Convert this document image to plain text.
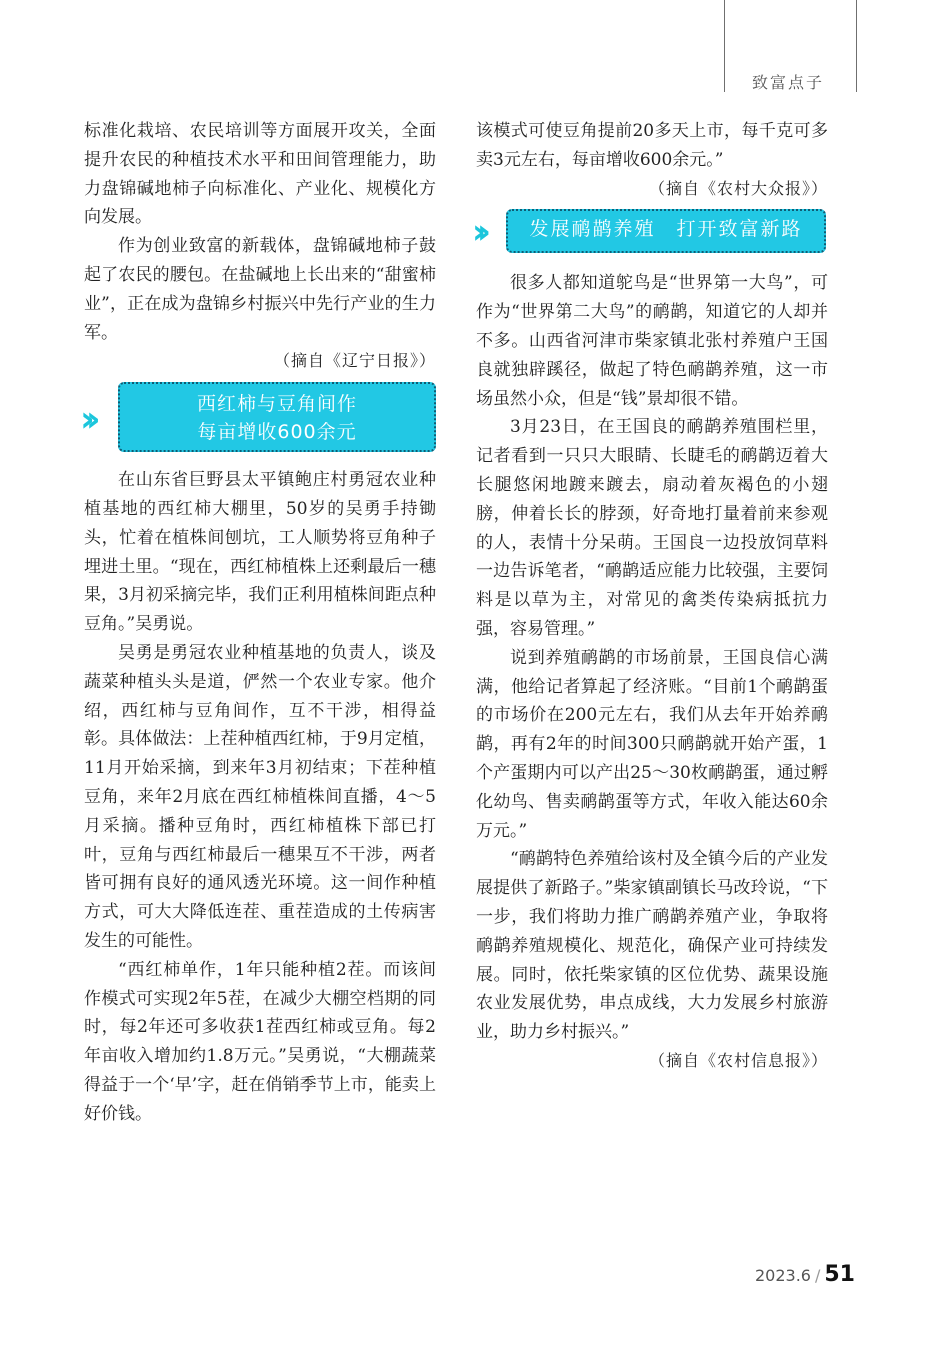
致富点子

标准化栽培、农民培训等方面展开攻关，全面提升农民的种植技术水平和田间管理能力，助力盘锦碱地柿子向标准化、产业化、规模化方向发展。

作为创业致富的新载体，盘锦碱地柿子鼓起了农民的腰包。在盐碱地上长出来的“甜蜜柿业”，正在成为盘锦乡村振兴中先行产业的生力军。

（摘自《辽宁日报》）

››	西红柿与豆角间作
每亩增收600余元

在山东省巨野县太平镇鲍庄村勇冠农业种植基地的西红柿大棚里，50岁的吴勇手持锄头，忙着在植株间刨坑，工人顺势将豆角种子埋进土里。“现在，西红柿植株上还剩最后一穗果，3月初采摘完毕，我们正利用植株间距点种豆角。”吴勇说。

吴勇是勇冠农业种植基地的负责人，谈及蔬菜种植头头是道，俨然一个农业专家。他介绍，西红柿与豆角间作，互不干涉，相得益彰。具体做法：上茬种植西红柿，于9月定植，11月开始采摘，到来年3月初结束；下茬种植豆角，来年2月底在西红柿植株间直播，4～5月采摘。播种豆角时，西红柿植株下部已打叶，豆角与西红柿最后一穗果互不干涉，两者皆可拥有良好的通风透光环境。这一间作种植方式，可大大降低连茬、重茬造成的土传病害发生的可能性。

“西红柿单作，1年只能种植2茬。而该间作模式可实现2年5茬，在减少大棚空档期的同时，每2年还可多收获1茬西红柿或豆角。每2年亩收入增加约1.8万元。”吴勇说，“大棚蔬菜得益于一个‘早’字，赶在俏销季节上市，能卖上好价钱。

该模式可使豆角提前20多天上市，每千克可多卖3元左右，每亩增收600余元。”

（摘自《农村大众报》）

››	发展鸸鹋养殖　打开致富新路

很多人都知道鸵鸟是“世界第一大鸟”，可作为“世界第二大鸟”的鸸鹋，知道它的人却并不多。山西省河津市柴家镇北张村养殖户王国良就独辟蹊径，做起了特色鸸鹋养殖，这一市场虽然小众，但是“钱”景却很不错。

3月23日，在王国良的鸸鹋养殖围栏里，记者看到一只只大眼睛、长睫毛的鸸鹋迈着大长腿悠闲地踱来踱去，扇动着灰褐色的小翅膀，伸着长长的脖颈，好奇地打量着前来参观的人，表情十分呆萌。王国良一边投放饲草料一边告诉笔者，“鸸鹋适应能力比较强，主要饲料是以草为主，对常见的禽类传染病抵抗力强，容易管理。”

说到养殖鸸鹋的市场前景，王国良信心满满，他给记者算起了经济账。“目前1个鸸鹋蛋的市场价在200元左右，我们从去年开始养鸸鹋，再有2年的时间300只鸸鹋就开始产蛋，1个产蛋期内可以产出25～30枚鸸鹋蛋，通过孵化幼鸟、售卖鸸鹋蛋等方式，年收入能达60余万元。”

“鸸鹋特色养殖给该村及全镇今后的产业发展提供了新路子。”柴家镇副镇长马改玲说，“下一步，我们将助力推广鸸鹋养殖产业，争取将鸸鹋养殖规模化、规范化，确保产业可持续发展。同时，依托柴家镇的区位优势、蔬果设施农业发展优势，串点成线，大力发展乡村旅游业，助力乡村振兴。”

（摘自《农村信息报》）

2023.6 / 51
